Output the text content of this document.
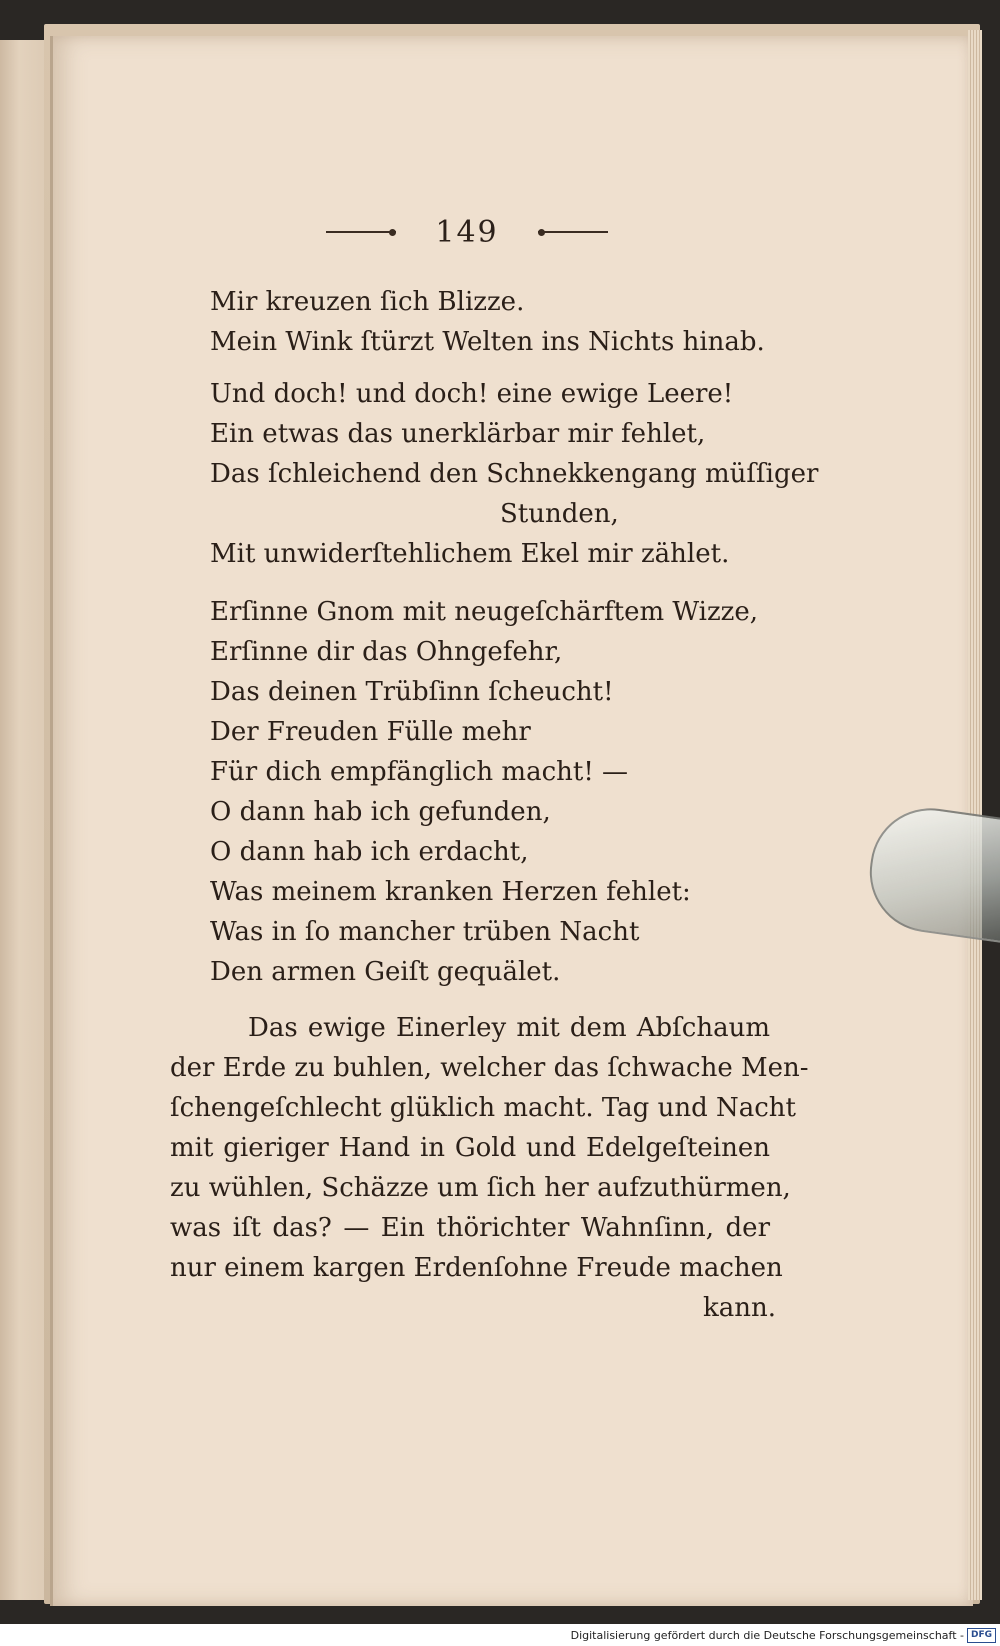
149
Mir kreuzen ſich Blizze.
Mein Wink ſtürzt Welten ins Nichts hinab.
Und doch! und doch! eine ewige Leere!
Ein etwas das unerklärbar mir fehlet,
Das ſchleichend den Schnekkengang müſſiger
Stunden,
Mit unwiderſtehlichem Ekel mir zählet.
Erſinne Gnom mit neugeſchärftem Wizze,
Erſinne dir das Ohngefehr,
Das deinen Trübſinn ſcheucht!
Der Freuden Fülle mehr
Für dich empfänglich macht! —
O dann hab ich gefunden,
O dann hab ich erdacht,
Was meinem kranken Herzen fehlet:
Was in ſo mancher trüben Nacht
Den armen Geiſt gequälet.
Das ewige Einerley mit dem Abſchaum
der Erde zu buhlen, welcher das ſchwache Men-
ſchengeſchlecht glüklich macht. Tag und Nacht
mit gieriger Hand in Gold und Edelgeſteinen
zu wühlen, Schäzze um ſich her aufzuthürmen,
was iſt das? — Ein thörichter Wahnſinn, der
nur einem kargen Erdenſohne Freude machen
kann.
Digitalisierung gefördert durch die Deutsche Forschungsgemeinschaft - DFG
